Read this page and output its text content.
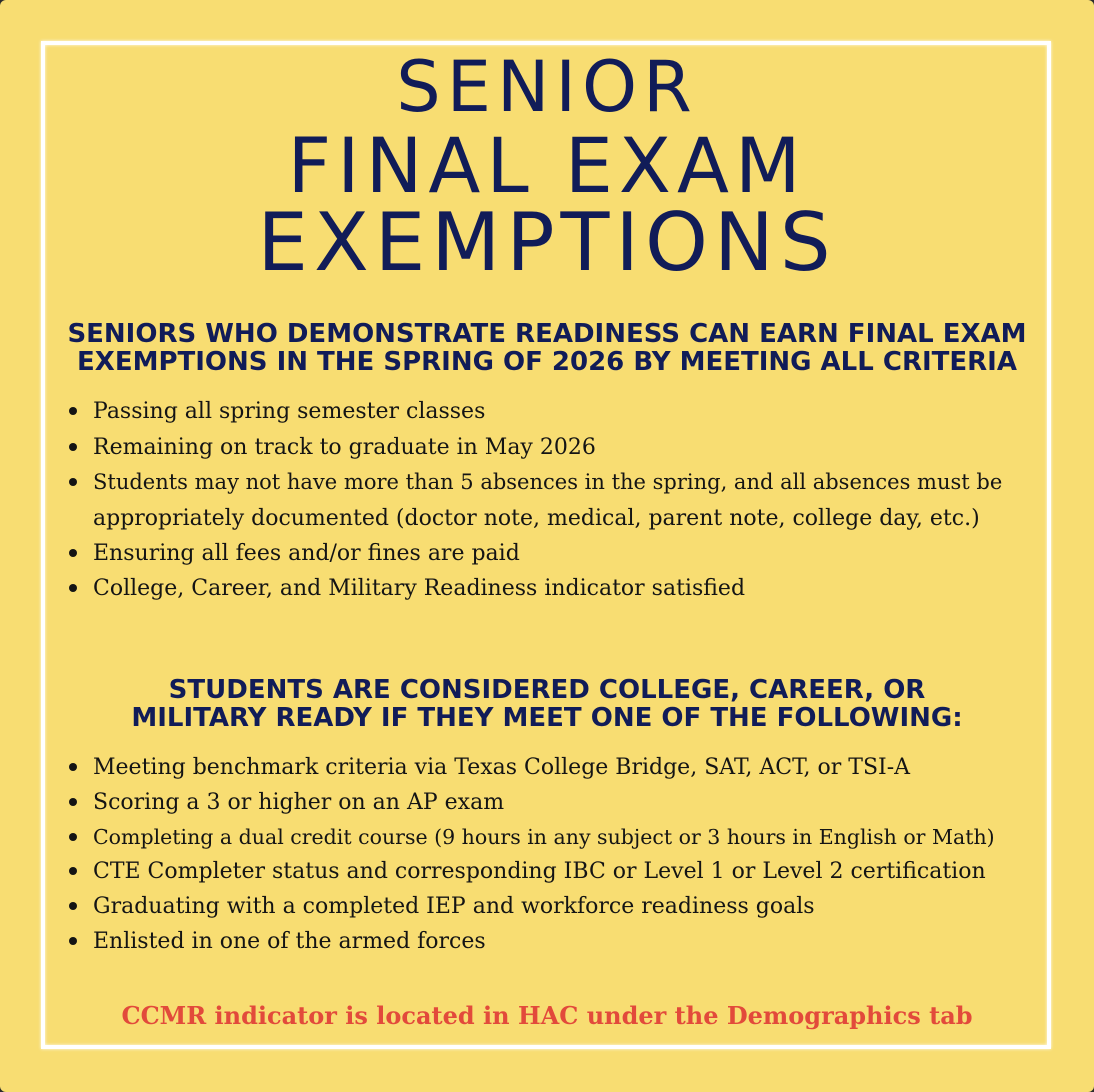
SENIOR
FINAL EXAM
EXEMPTIONS
SENIORS WHO DEMONSTRATE READINESS CAN EARN FINAL EXAM
EXEMPTIONS IN THE SPRING OF 2026 BY MEETING ALL CRITERIA
Passing all spring semester classes
Remaining on track to graduate in May 2026
Students may not have more than 5 absences in the spring, and all absences must be
appropriately documented (doctor note, medical, parent note, college day, etc.)
Ensuring all fees and/or fines are paid
College, Career, and Military Readiness indicator satisfied
STUDENTS ARE CONSIDERED COLLEGE, CAREER, OR
MILITARY READY IF THEY MEET ONE OF THE FOLLOWING:
Meeting benchmark criteria via Texas College Bridge, SAT, ACT, or TSI-A
Scoring a 3 or higher on an AP exam
Completing a dual credit course (9 hours in any subject or 3 hours in English or Math)
CTE Completer status and corresponding IBC or Level 1 or Level 2 certification
Graduating with a completed IEP and workforce readiness goals
Enlisted in one of the armed forces
CCMR indicator is located in HAC under the Demographics tab
